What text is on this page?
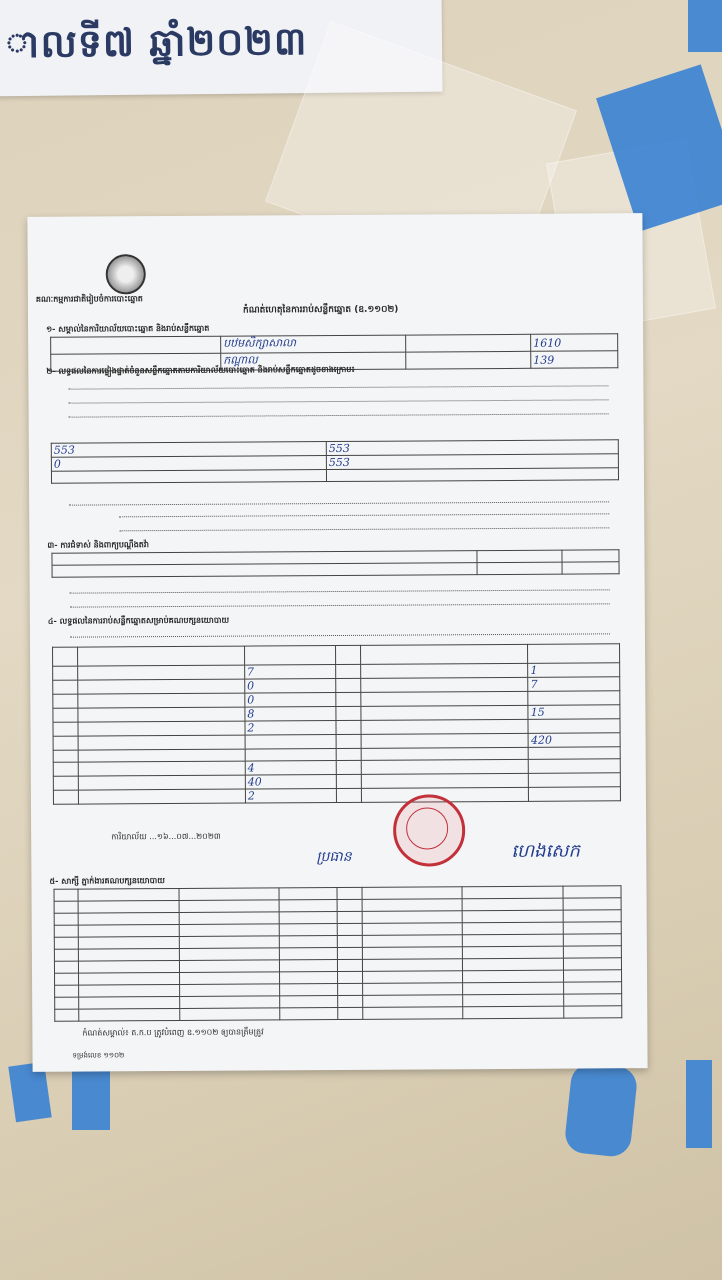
ាលទី៧ ឆ្នាំ២០២៣
គណៈកម្មការជាតិរៀបចំការបោះឆ្នោត
កំណត់ហេតុនៃការរាប់សន្លឹកឆ្នោត (ឧ.១១០២)
១- សម្គាល់នៃការិយាល័យបោះឆ្នោត និងរាប់សន្លឹកឆ្នោត
	បឋមសិក្សាសាលា		1610
	កណ្តាល		139
២- លទ្ធផលនៃការផ្ទៀងផ្ទាត់ចំនួនសន្លឹកឆ្នោតតាមការិយាល័យបោះឆ្នោត និងរាប់សន្លឹកឆ្នោតដូចខាងក្រោម៖
553	553
0	553

៣- ការជំទាស់ និងពាក្យបណ្តឹងតវ៉ា

៤- លទ្ធផលនៃការរាប់សន្លឹកឆ្នោតសម្រាប់គណបក្សនយោបាយ

		7			1
		0			7
		0			
		8			15
		2			
					420

		4			
		40			
		2			
ការិយាល័យ ...១៦...០៧...២០២៣
ប្រធាន	ហេងសេក
៥- សាក្សី ភ្នាក់ងារគណបក្សនយោបាយ

កំណត់សម្គាល់៖ ត.ក.ប ត្រូវបំពេញ ឧ.១១០២ ឲ្យបានត្រឹមត្រូវ
ទម្រង់លេខ ១១០២
